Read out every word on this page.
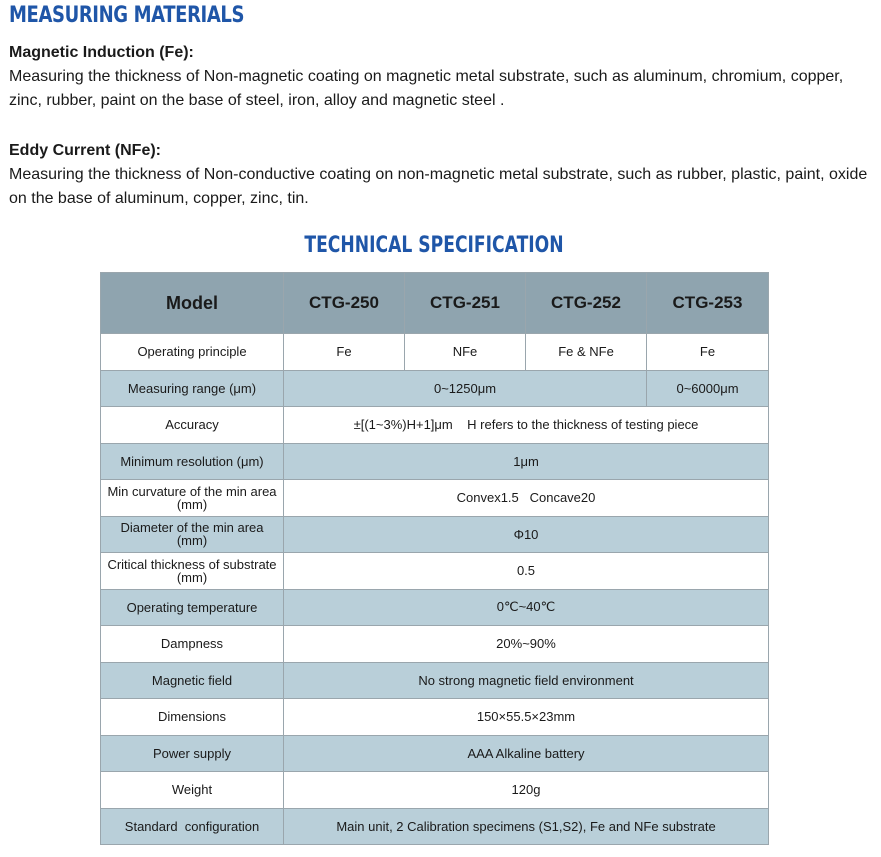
MEASURING MATERIALS
Magnetic Induction (Fe):

Measuring the thickness of Non-magnetic coating on magnetic metal substrate, such as aluminum, chromium, copper, zinc, rubber, paint on the base of steel, iron, alloy and magnetic steel .

Eddy Current (NFe):

Measuring the thickness of Non-conductive coating on non-magnetic metal substrate, such as rubber, plastic, paint, oxide on the base of aluminum, copper, zinc, tin.

TECHNICAL SPECIFICATION
Model	CTG-250	CTG-251	CTG-252	CTG-253
Operating principle	Fe	NFe	Fe & NFe	Fe
Measuring range (μm)	0~1250μm			0~6000μm
Accuracy	±[(1~3%)H+1]μm    H refers to the thickness of testing piece			
Minimum resolution (μm)	1μm			
Min curvature of the min area (mm)	Convex1.5   Concave20			
Diameter of the min area (mm)	Φ10			
Critical thickness of substrate (mm)	0.5			
Operating temperature	0℃~40℃			
Dampness	20%~90%			
Magnetic field	No strong magnetic field environment			
Dimensions	150×55.5×23mm			
Power supply	AAA Alkaline battery			
Weight	120g			
Standard  configuration	Main unit, 2 Calibration specimens (S1,S2), Fe and NFe substrate			
